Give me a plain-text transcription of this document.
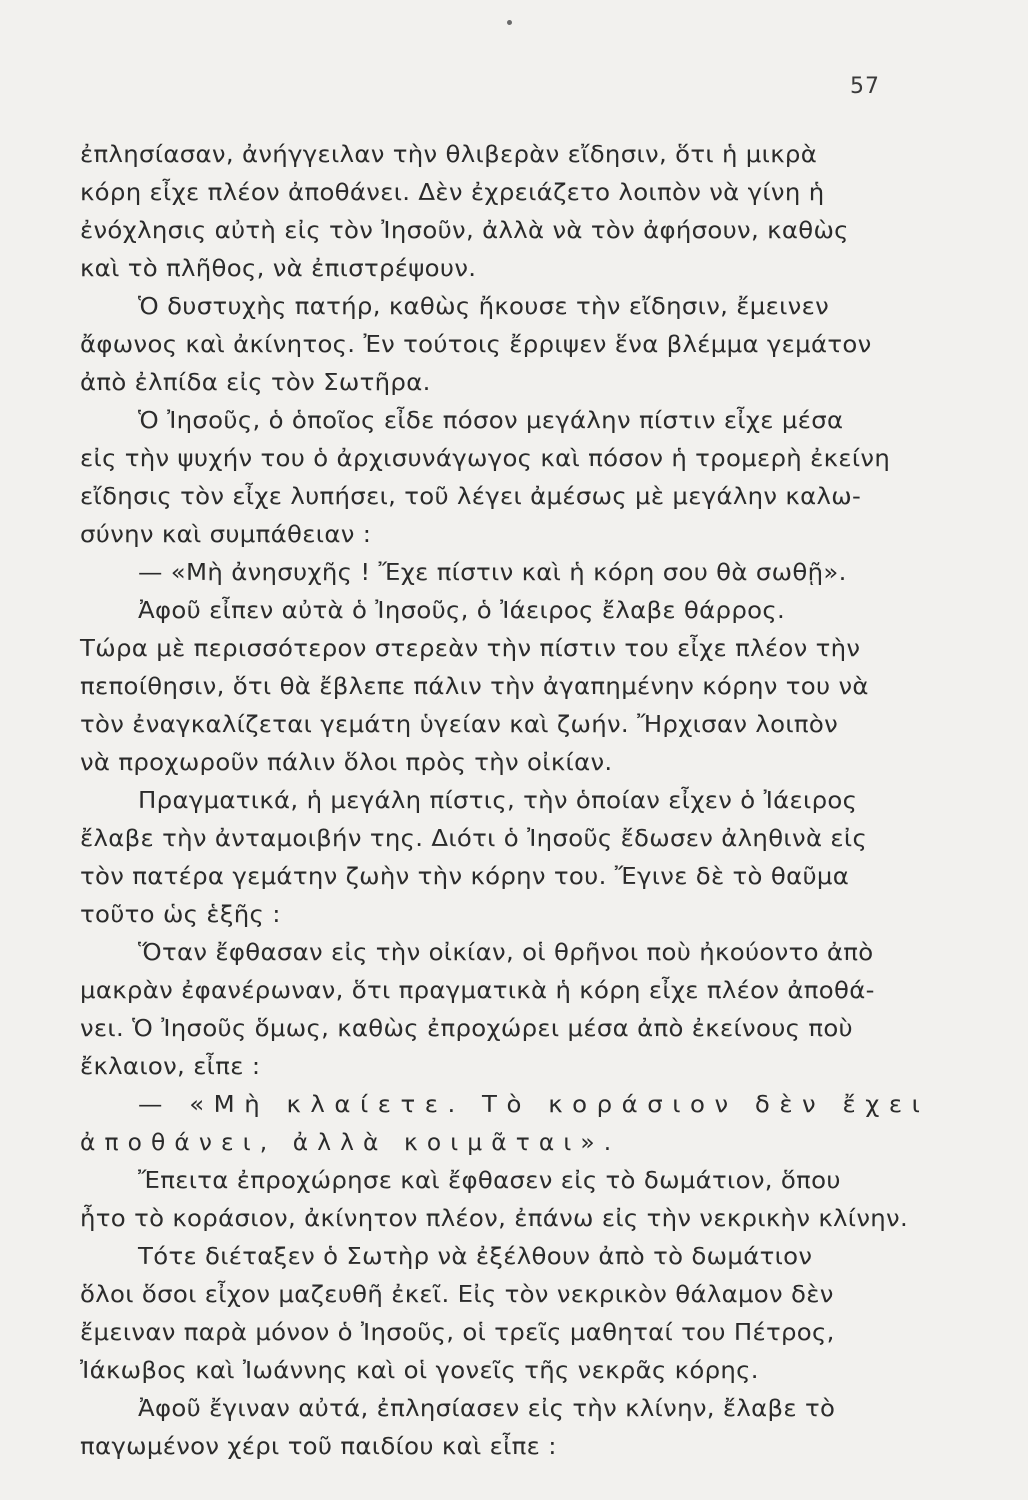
57
ἐπλησίασαν, ἀνήγγειλαν τὴν θλιβερὰν εἴδησιν, ὅτι ἡ μικρὰ
κόρη εἶχε πλέον ἀποθάνει. Δὲν ἐχρειάζετο λοιπὸν νὰ γίνη ἡ
ἐνόχλησις αὐτὴ εἰς τὸν Ἰησοῦν, ἀλλὰ νὰ τὸν ἀφήσουν, καθὼς
καὶ τὸ πλῆθος, νὰ ἐπιστρέψουν.
Ὁ δυστυχὴς πατήρ, καθὼς ἤκουσε τὴν εἴδησιν, ἔμεινεν
ἄφωνος καὶ ἀκίνητος. Ἐν τούτοις ἔρριψεν ἕνα βλέμμα γεμάτον
ἀπὸ ἐλπίδα εἰς τὸν Σωτῆρα.
Ὁ Ἰησοῦς, ὁ ὁποῖος εἶδε πόσον μεγάλην πίστιν εἶχε μέσα
εἰς τὴν ψυχήν του ὁ ἀρχισυνάγωγος καὶ πόσον ἡ τρομερὴ ἐκείνη
εἴδησις τὸν εἶχε λυπήσει, τοῦ λέγει ἀμέσως μὲ μεγάλην καλω-
σύνην καὶ συμπάθειαν :
— «Μὴ ἀνησυχῆς ! Ἔχε πίστιν καὶ ἡ κόρη σου θὰ σωθῇ».
Ἀφοῦ εἶπεν αὐτὰ ὁ Ἰησοῦς, ὁ Ἰάειρος ἔλαβε θάρρος.
Τώρα μὲ περισσότερον στερεὰν τὴν πίστιν του εἶχε πλέον τὴν
πεποίθησιν, ὅτι θὰ ἔβλεπε πάλιν τὴν ἀγαπημένην κόρην του νὰ
τὸν ἐναγκαλίζεται γεμάτη ὑγείαν καὶ ζωήν. Ἤρχισαν λοιπὸν
νὰ προχωροῦν πάλιν ὅλοι πρὸς τὴν οἰκίαν.
Πραγματικά, ἡ μεγάλη πίστις, τὴν ὁποίαν εἶχεν ὁ Ἰάειρος
ἔλαβε τὴν ἀνταμοιβήν της. Διότι ὁ Ἰησοῦς ἔδωσεν ἀληθινὰ εἰς
τὸν πατέρα γεμάτην ζωὴν τὴν κόρην του. Ἔγινε δὲ τὸ θαῦμα
τοῦτο ὡς ἑξῆς :
Ὅταν ἔφθασαν εἰς τὴν οἰκίαν, οἱ θρῆνοι ποὺ ἠκούοντο ἀπὸ
μακρὰν ἐφανέρωναν, ὅτι πραγματικὰ ἡ κόρη εἶχε πλέον ἀποθά-
νει. Ὁ Ἰησοῦς ὅμως, καθὼς ἐπροχώρει μέσα ἀπὸ ἐκείνους ποὺ
ἔκλαιον, εἶπε :
— «Μὴ κλαίετε. Τὸ κοράσιον δὲν ἔχει
ἀποθάνει, ἀλλὰ κοιμᾶται».
Ἔπειτα ἐπροχώρησε καὶ ἔφθασεν εἰς τὸ δωμάτιον, ὅπου
ἦτο τὸ κοράσιον, ἀκίνητον πλέον, ἐπάνω εἰς τὴν νεκρικὴν κλίνην.
Τότε διέταξεν ὁ Σωτὴρ νὰ ἐξέλθουν ἀπὸ τὸ δωμάτιον
ὅλοι ὅσοι εἶχον μαζευθῆ ἐκεῖ. Εἰς τὸν νεκρικὸν θάλαμον δὲν
ἔμειναν παρὰ μόνον ὁ Ἰησοῦς, οἱ τρεῖς μαθηταί του Πέτρος,
Ἰάκωβος καὶ Ἰωάννης καὶ οἱ γονεῖς τῆς νεκρᾶς κόρης.
Ἀφοῦ ἔγιναν αὐτά, ἐπλησίασεν εἰς τὴν κλίνην, ἔλαβε τὸ
παγωμένον χέρι τοῦ παιδίου καὶ εἶπε :
